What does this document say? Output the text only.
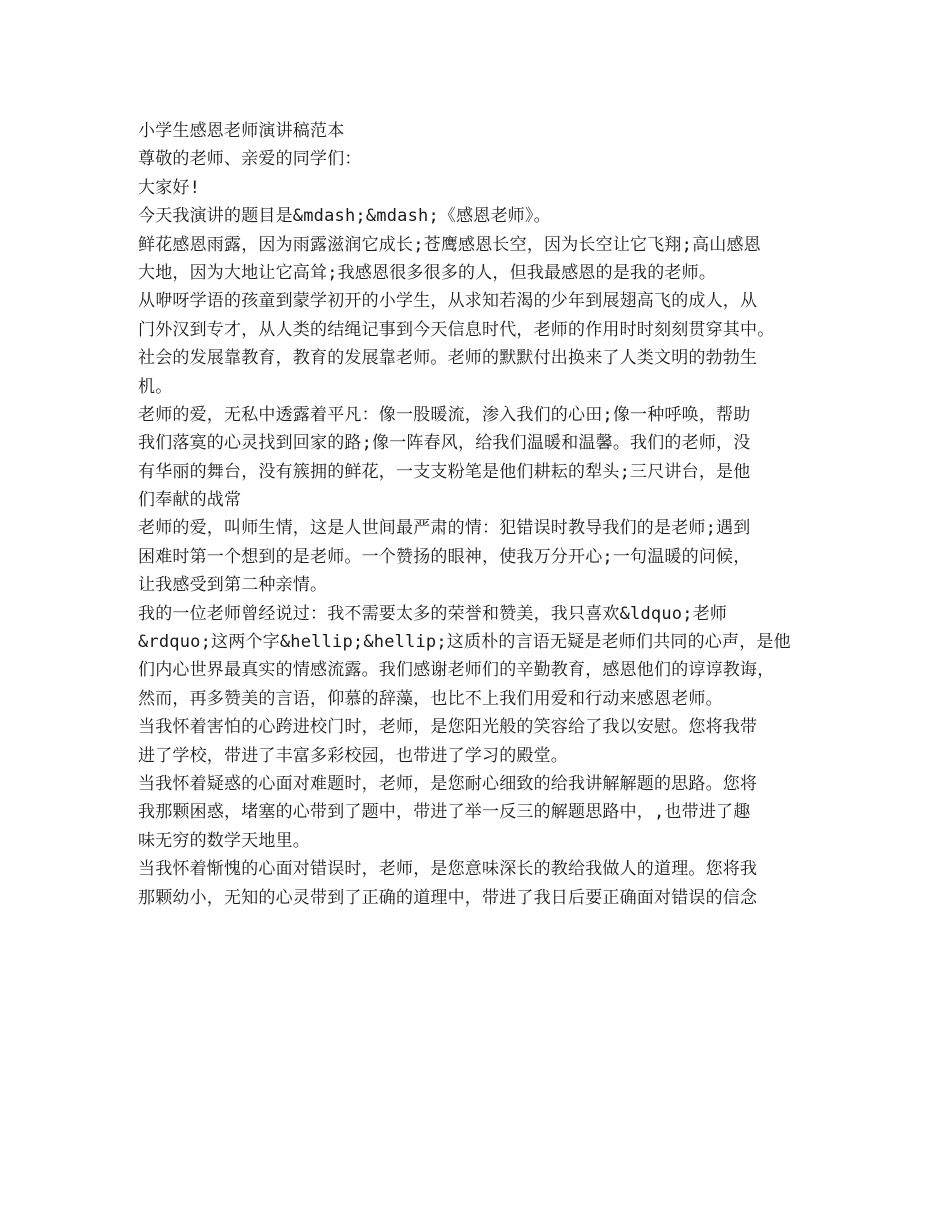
小学生感恩老师演讲稿范本
尊敬的老师、亲爱的同学们：
大家好!
今天我演讲的题目是&mdash;&mdash;《感恩老师》。
鲜花感恩雨露，因为雨露滋润它成长;苍鹰感恩长空，因为长空让它飞翔;高山感恩
大地，因为大地让它高耸;我感恩很多很多的人，但我最感恩的是我的老师。
从咿呀学语的孩童到蒙学初开的小学生，从求知若渴的少年到展翅高飞的成人，从
门外汉到专才，从人类的结绳记事到今天信息时代，老师的作用时时刻刻贯穿其中。
社会的发展靠教育，教育的发展靠老师。老师的默默付出换来了人类文明的勃勃生
机。
老师的爱，无私中透露着平凡：像一股暖流，渗入我们的心田;像一种呼唤，帮助
我们落寞的心灵找到回家的路;像一阵春风，给我们温暖和温馨。我们的老师，没
有华丽的舞台，没有簇拥的鲜花，一支支粉笔是他们耕耘的犁头;三尺讲台，是他
们奉献的战常
老师的爱，叫师生情，这是人世间最严肃的情：犯错误时教导我们的是老师;遇到
困难时第一个想到的是老师。一个赞扬的眼神，使我万分开心;一句温暖的问候，
让我感受到第二种亲情。
我的一位老师曾经说过：我不需要太多的荣誉和赞美，我只喜欢&ldquo;老师
&rdquo;这两个字&hellip;&hellip;这质朴的言语无疑是老师们共同的心声，是他
们内心世界最真实的情感流露。我们感谢老师们的辛勤教育，感恩他们的谆谆教诲，
然而，再多赞美的言语，仰慕的辞藻，也比不上我们用爱和行动来感恩老师。
当我怀着害怕的心跨进校门时，老师，是您阳光般的笑容给了我以安慰。您将我带
进了学校，带进了丰富多彩校园，也带进了学习的殿堂。
当我怀着疑惑的心面对难题时，老师，是您耐心细致的给我讲解解题的思路。您将
我那颗困惑，堵塞的心带到了题中，带进了举一反三的解题思路中，,也带进了趣
味无穷的数学天地里。
当我怀着惭愧的心面对错误时，老师，是您意味深长的教给我做人的道理。您将我
那颗幼小，无知的心灵带到了正确的道理中，带进了我日后要正确面对错误的信念
